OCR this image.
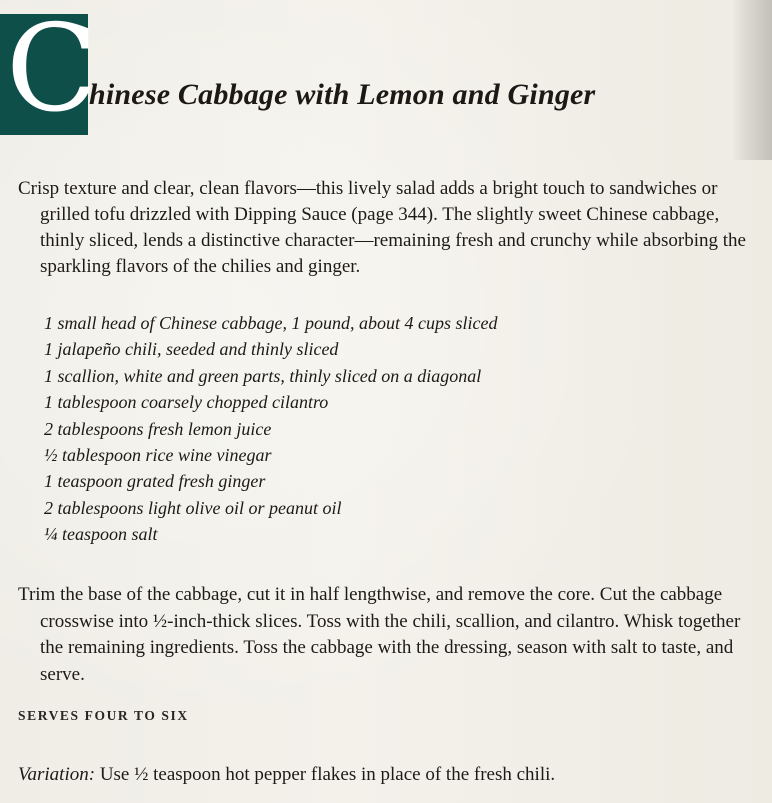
C
hinese Cabbage with Lemon and Ginger

Crisp texture and clear, clean flavors—this lively salad adds a bright touch to sandwiches or grilled tofu drizzled with Dipping Sauce (page 344). The slightly sweet Chinese cabbage, thinly sliced, lends a distinctive character—remaining fresh and crunchy while absorbing the sparkling flavors of the chilies and ginger.

1 small head of Chinese cabbage, 1 pound, about 4 cups sliced
1 jalapeño chili, seeded and thinly sliced
1 scallion, white and green parts, thinly sliced on a diagonal
1 tablespoon coarsely chopped cilantro
2 tablespoons fresh lemon juice
½ tablespoon rice wine vinegar
1 teaspoon grated fresh ginger
2 tablespoons light olive oil or peanut oil
¼ teaspoon salt

Trim the base of the cabbage, cut it in half lengthwise, and remove the core. Cut the cabbage crosswise into ½-inch-thick slices. Toss with the chili, scallion, and cilantro. Whisk together the remaining ingredients. Toss the cabbage with the dressing, season with salt to taste, and serve.

SERVES FOUR TO SIX
Variation: Use ½ teaspoon hot pepper flakes in place of the fresh chili.
